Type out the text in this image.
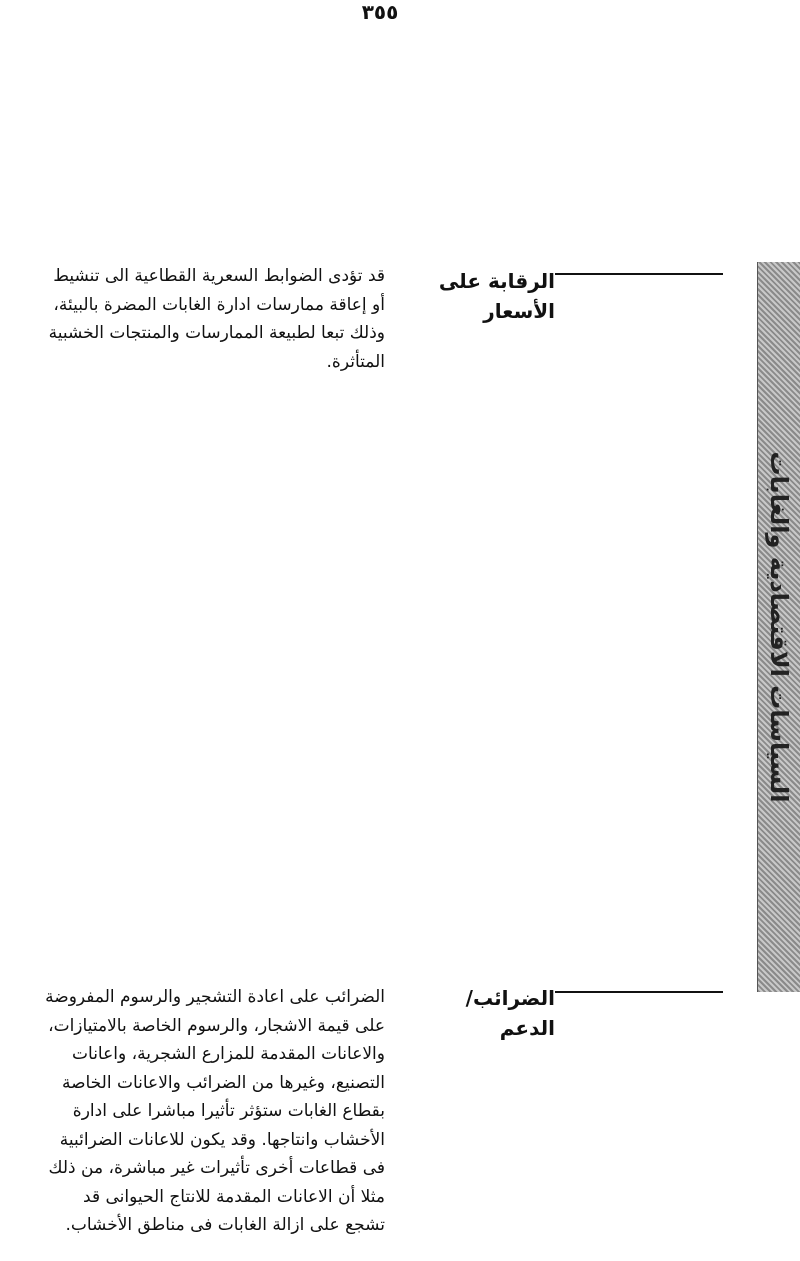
٣٥٥
السياسات الاقتصادية والغابات
الرقابة على
الأسعار

قد تؤدى الضوابط السعرية القطاعية الى تنشيط

أو إعاقة ممارسات ادارة الغابات المضرة بالبيئة،

وذلك تبعا لطبيعة الممارسات والمنتجات الخشبية

المتأثرة.

الضرائب/
الدعم

الضرائب على اعادة التشجير والرسوم المفروضة

على قيمة الاشجار، والرسوم الخاصة بالامتيازات،

والاعانات المقدمة للمزارع الشجرية، واعانات

التصنيع، وغيرها من الضرائب والاعانات الخاصة

بقطاع الغابات ستؤثر تأثيرا مباشرا على ادارة

الأخشاب وانتاجها. وقد يكون للاعانات الضرائبية

فى قطاعات أخرى تأثيرات غير مباشرة، من ذلك

مثلا أن الاعانات المقدمة للانتاج الحيوانى قد

تشجع على ازالة الغابات فى مناطق الأخشاب.
